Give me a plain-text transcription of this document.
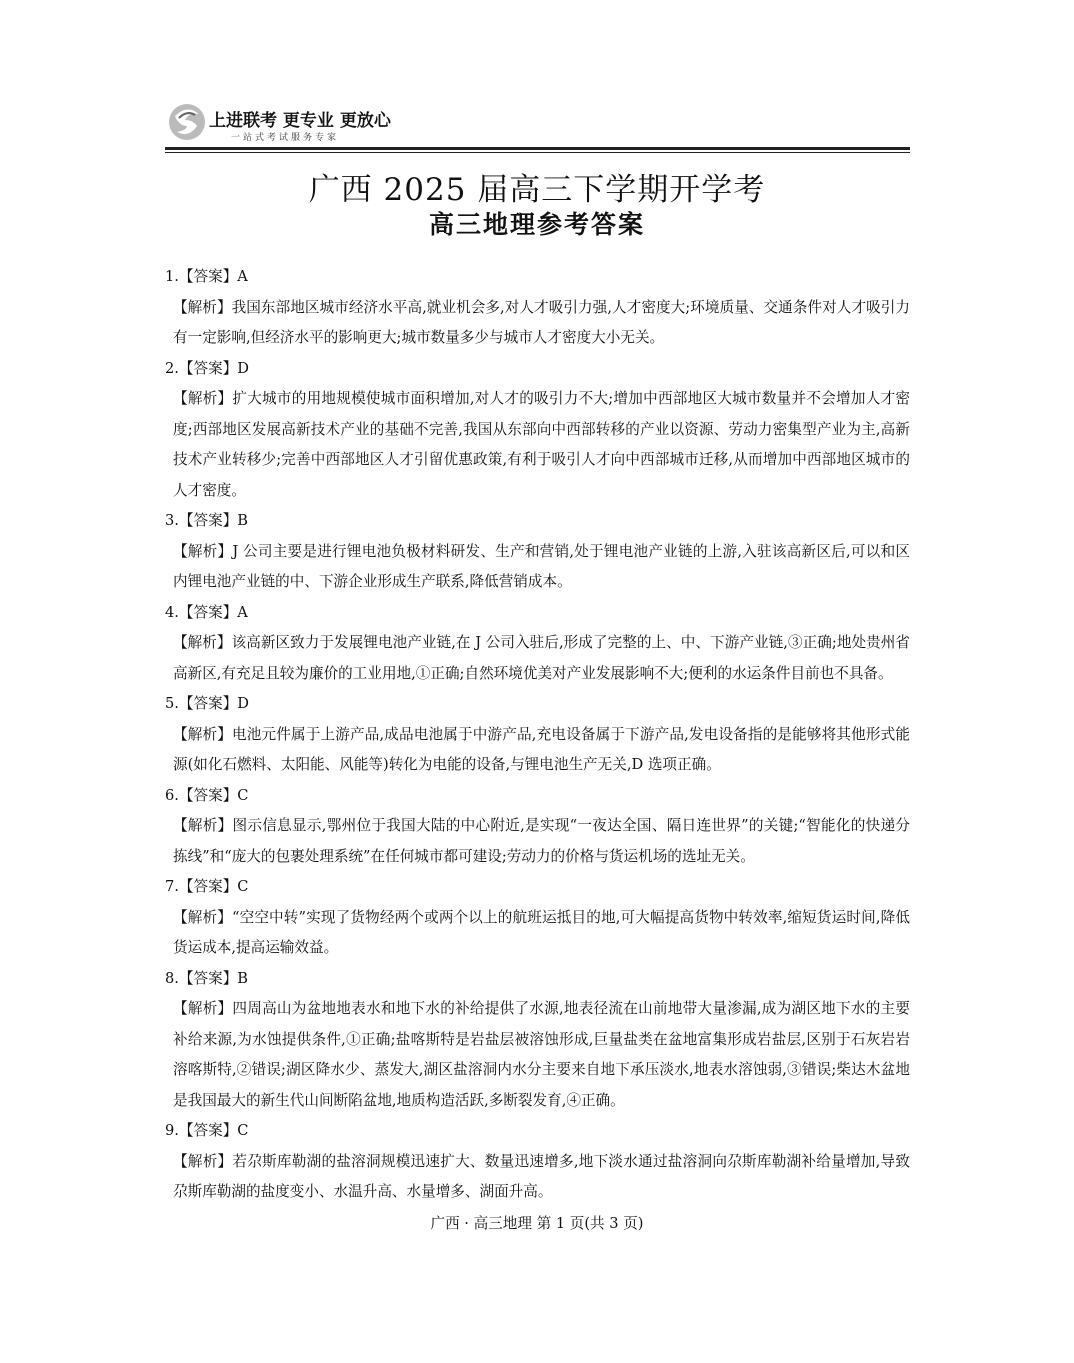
上进联考 更专业 更放心
一站式考试服务专家
广西 2025 届高三下学期开学考
高三地理参考答案

1.【答案】A

【解析】我国东部地区城市经济水平高,就业机会多,对人才吸引力强,人才密度大;环境质量、交通条件对人才吸引力有一定影响,但经济水平的影响更大;城市数量多少与城市人才密度大小无关。

2.【答案】D

【解析】扩大城市的用地规模使城市面积增加,对人才的吸引力不大;增加中西部地区大城市数量并不会增加人才密度;西部地区发展高新技术产业的基础不完善,我国从东部向中西部转移的产业以资源、劳动力密集型产业为主,高新技术产业转移少;完善中西部地区人才引留优惠政策,有利于吸引人才向中西部城市迁移,从而增加中西部地区城市的人才密度。

3.【答案】B

【解析】J 公司主要是进行锂电池负极材料研发、生产和营销,处于锂电池产业链的上游,入驻该高新区后,可以和区内锂电池产业链的中、下游企业形成生产联系,降低营销成本。

4.【答案】A

【解析】该高新区致力于发展锂电池产业链,在 J 公司入驻后,形成了完整的上、中、下游产业链,③正确;地处贵州省高新区,有充足且较为廉价的工业用地,①正确;自然环境优美对产业发展影响不大;便利的水运条件目前也不具备。

5.【答案】D

【解析】电池元件属于上游产品,成品电池属于中游产品,充电设备属于下游产品,发电设备指的是能够将其他形式能源(如化石燃料、太阳能、风能等)转化为电能的设备,与锂电池生产无关,D 选项正确。

6.【答案】C

【解析】图示信息显示,鄂州位于我国大陆的中心附近,是实现“一夜达全国、隔日连世界”的关键;“智能化的快递分拣线”和“庞大的包裹处理系统”在任何城市都可建设;劳动力的价格与货运机场的选址无关。

7.【答案】C

【解析】“空空中转”实现了货物经两个或两个以上的航班运抵目的地,可大幅提高货物中转效率,缩短货运时间,降低货运成本,提高运输效益。

8.【答案】B

【解析】四周高山为盆地地表水和地下水的补给提供了水源,地表径流在山前地带大量渗漏,成为湖区地下水的主要补给来源,为水蚀提供条件,①正确;盐喀斯特是岩盐层被溶蚀形成,巨量盐类在盆地富集形成岩盐层,区别于石灰岩岩溶喀斯特,②错误;湖区降水少、蒸发大,湖区盐溶洞内水分主要来自地下承压淡水,地表水溶蚀弱,③错误;柴达木盆地是我国最大的新生代山间断陷盆地,地质构造活跃,多断裂发育,④正确。

9.【答案】C

【解析】若尕斯库勒湖的盐溶洞规模迅速扩大、数量迅速增多,地下淡水通过盐溶洞向尕斯库勒湖补给量增加,导致尕斯库勒湖的盐度变小、水温升高、水量增多、湖面升高。

广西 · 高三地理 第 1 页(共 3 页)
